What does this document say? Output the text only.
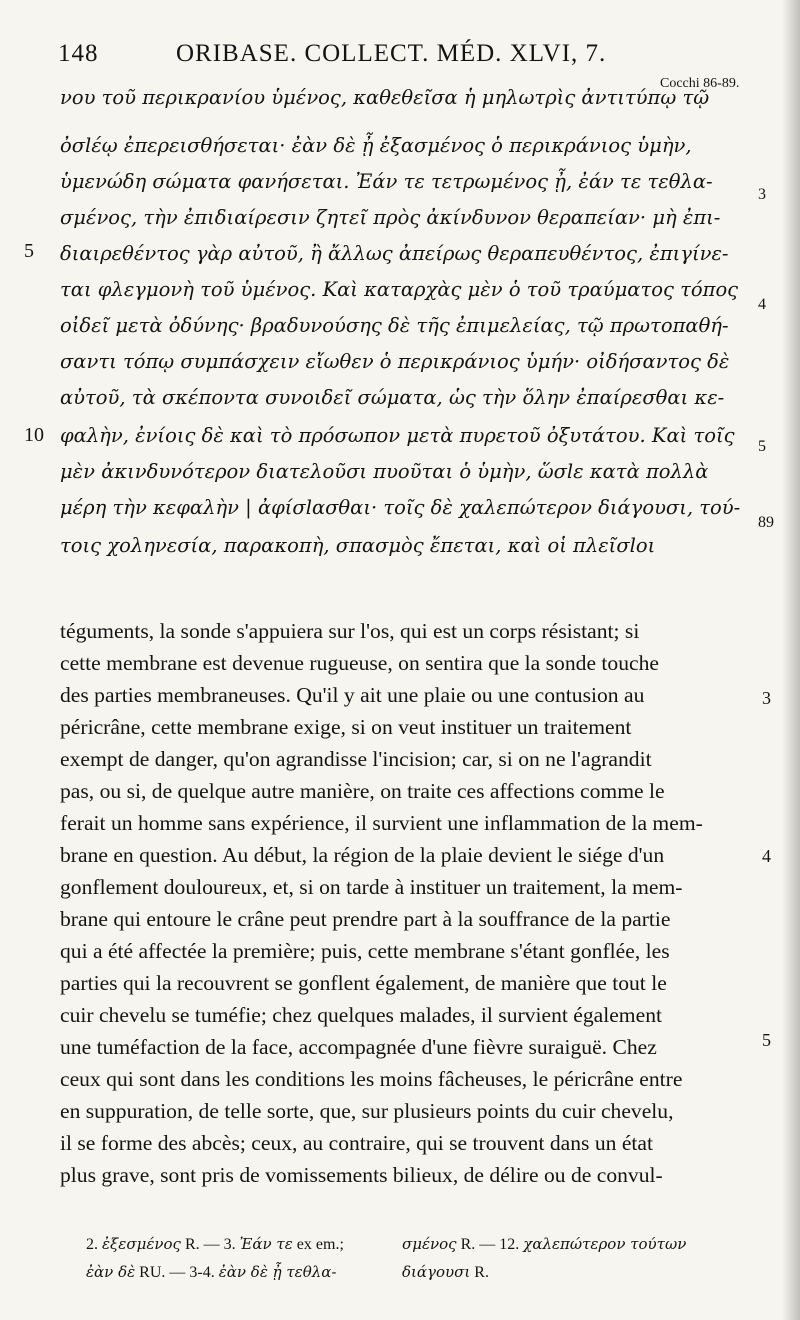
148	ORIBASE. COLLECT. MÉD. XLVI, 7.
Cocchi 86-89.
νου τοῦ περικρανίου ὑμένος, καθεθεῖσα ἡ μηλωτρὶς ἀντιτύπῳ τῷ
ὀσlέῳ ἐπερεισθήσεται· ἐὰν δὲ ᾖ ἐξασμένος ὁ περικράνιος ὑμὴν,
ὑμενώδη σώματα φανήσεται. Ἐάν τε τετρωμένος ᾖ, ἐάν τε τεθλα-
σμένος, τὴν ἐπιδιαίρεσιν ζητεῖ πρὸς ἀκίνδυνον θεραπείαν· μὴ ἐπι-
διαιρεθέντος γὰρ αὐτοῦ, ἢ ἄλλως ἀπείρως θεραπευθέντος, ἐπιγίνε-
ται φλεγμονὴ τοῦ ὑμένος. Καὶ καταρχὰς μὲν ὁ τοῦ τραύματος τόπος
οἰδεῖ μετὰ ὀδύνης· βραδυνούσης δὲ τῆς ἐπιμελείας, τῷ πρωτοπαθή-
σαντι τόπῳ συμπάσχειν εἴωθεν ὁ περικράνιος ὑμήν· οἰδήσαντος δὲ
αὐτοῦ, τὰ σκέποντα συνοιδεῖ σώματα, ὡς τὴν ὅλην ἐπαίρεσθαι κε-
φαλὴν, ἐνίοις δὲ καὶ τὸ πρόσωπον μετὰ πυρετοῦ ὀξυτάτου. Καὶ τοῖς
μὲν ἀκινδυνότερον διατελοῦσι πυοῦται ὁ ὑμὴν, ὥσlε κατὰ πολλὰ
μέρη τὴν κεφαλὴν | ἀφίσlασθαι· τοῖς δὲ χαλεπώτερον διάγουσι, τού-
τοις χοληνεσία, παρακοπὴ, σπασμὸς ἔπεται, καὶ οἱ πλεῖσlοι
5
10
3
4
5
89
téguments, la sonde s'appuiera sur l'os, qui est un corps résistant; si
cette membrane est devenue rugueuse, on sentira que la sonde touche
des parties membraneuses. Qu'il y ait une plaie ou une contusion au
péricrâne, cette membrane exige, si on veut instituer un traitement
exempt de danger, qu'on agrandisse l'incision; car, si on ne l'agrandit
pas, ou si, de quelque autre manière, on traite ces affections comme le
ferait un homme sans expérience, il survient une inflammation de la mem-
brane en question. Au début, la région de la plaie devient le siége d'un
gonflement douloureux, et, si on tarde à instituer un traitement, la mem-
brane qui entoure le crâne peut prendre part à la souffrance de la partie
qui a été affectée la première; puis, cette membrane s'étant gonflée, les
parties qui la recouvrent se gonflent également, de manière que tout le
cuir chevelu se tuméfie; chez quelques malades, il survient également
une tuméfaction de la face, accompagnée d'une fièvre suraiguë. Chez
ceux qui sont dans les conditions les moins fâcheuses, le péricrâne entre
en suppuration, de telle sorte, que, sur plusieurs points du cuir chevelu,
il se forme des abcès; ceux, au contraire, qui se trouvent dans un état
plus grave, sont pris de vomissements bilieux, de délire ou de convul-
3
4
5
2. ἐξεσμένος R. — 3. Ἐάν τε ex em.;	σμένος R. — 12. χαλεπώτερον τούτων
ἐὰν δὲ RU. — 3-4. ἐὰν δὲ ᾖ τεθλα-	διάγουσι R.
